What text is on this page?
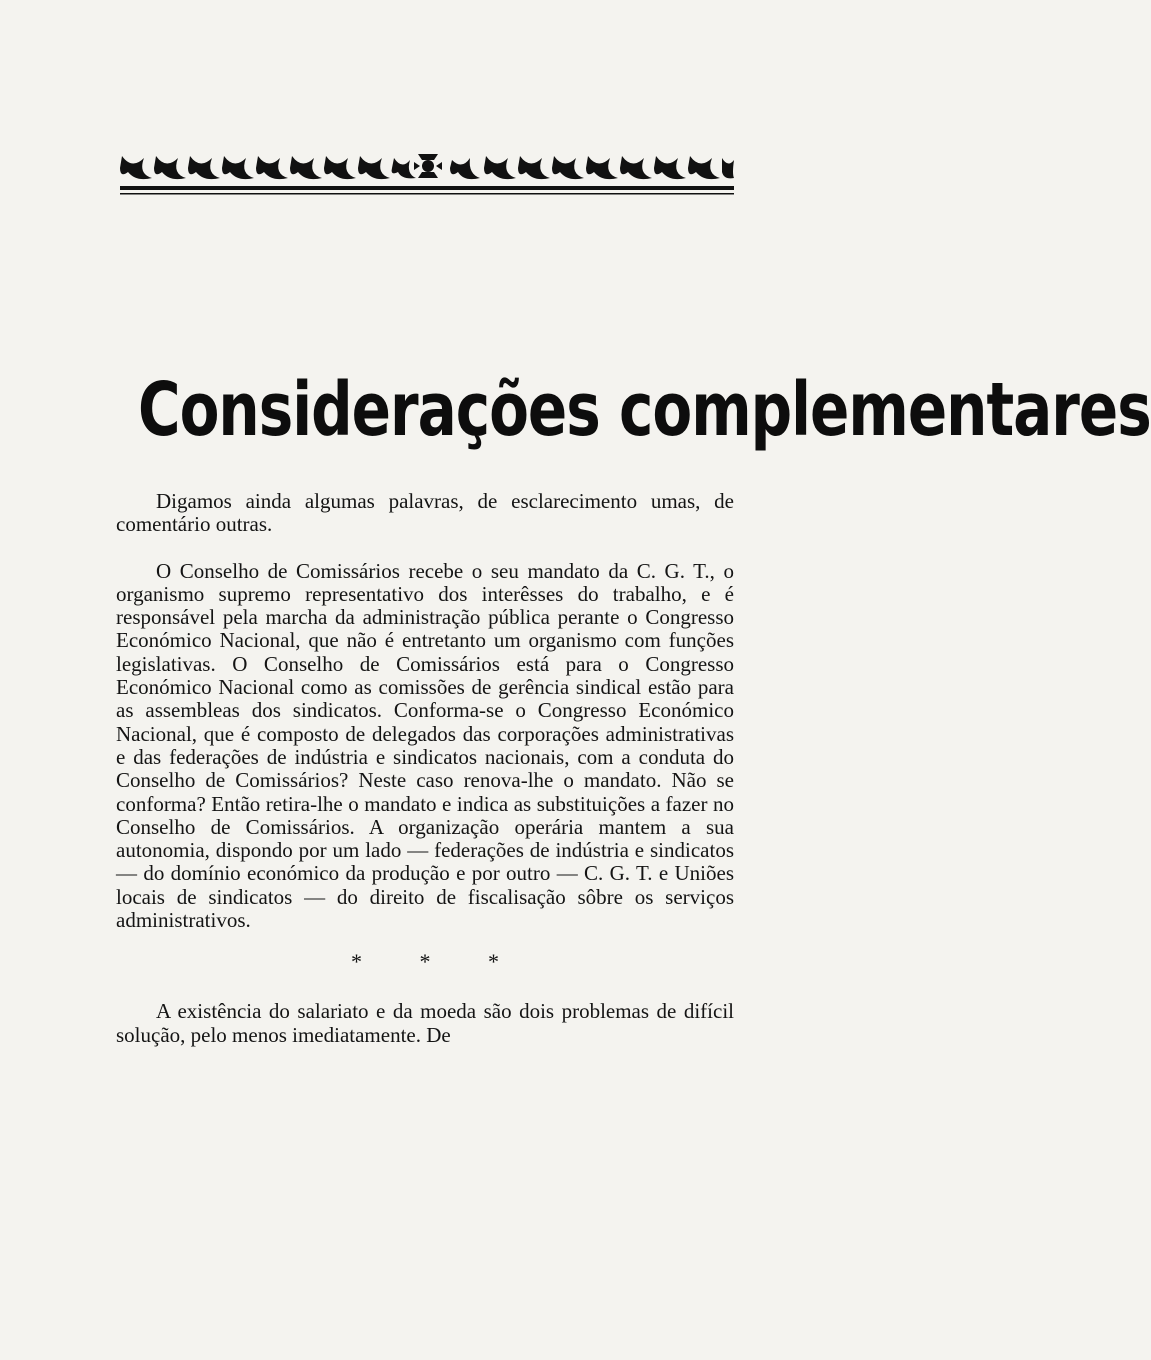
Considerações complementares

Digamos ainda algumas palavras, de esclarecimento umas, de comentário outras.

O Conselho de Comissários recebe o seu mandato da C. G. T., o organismo supremo representativo dos interêsses do trabalho, e é responsável pela marcha da administração pública perante o Congresso Económico Nacional, que não é entretanto um organismo com funções legislativas. O Conselho de Comissários está para o Congresso Económico Nacional como as comissões de gerência sindical estão para as assembleas dos sindicatos. Conforma-se o Congresso Económico Nacional, que é composto de delegados das corporações administrativas e das federações de indústria e sindicatos nacionais, com a conduta do Conselho de Comissários? Neste caso renova-lhe o mandato. Não se conforma? Então retira-lhe o mandato e indica as substituições a fazer no Conselho de Comissários. A organização operária mantem a sua autonomia, dispondo por um lado — federações de indústria e sindicatos — do domínio económico da produção e por outro — C. G. T. e Uniões locais de sindicatos — do direito de fiscalisação sôbre os serviços administrativos.

* * *

A existência do salariato e da moeda são dois problemas de difícil solução, pelo menos imediatamente. De
